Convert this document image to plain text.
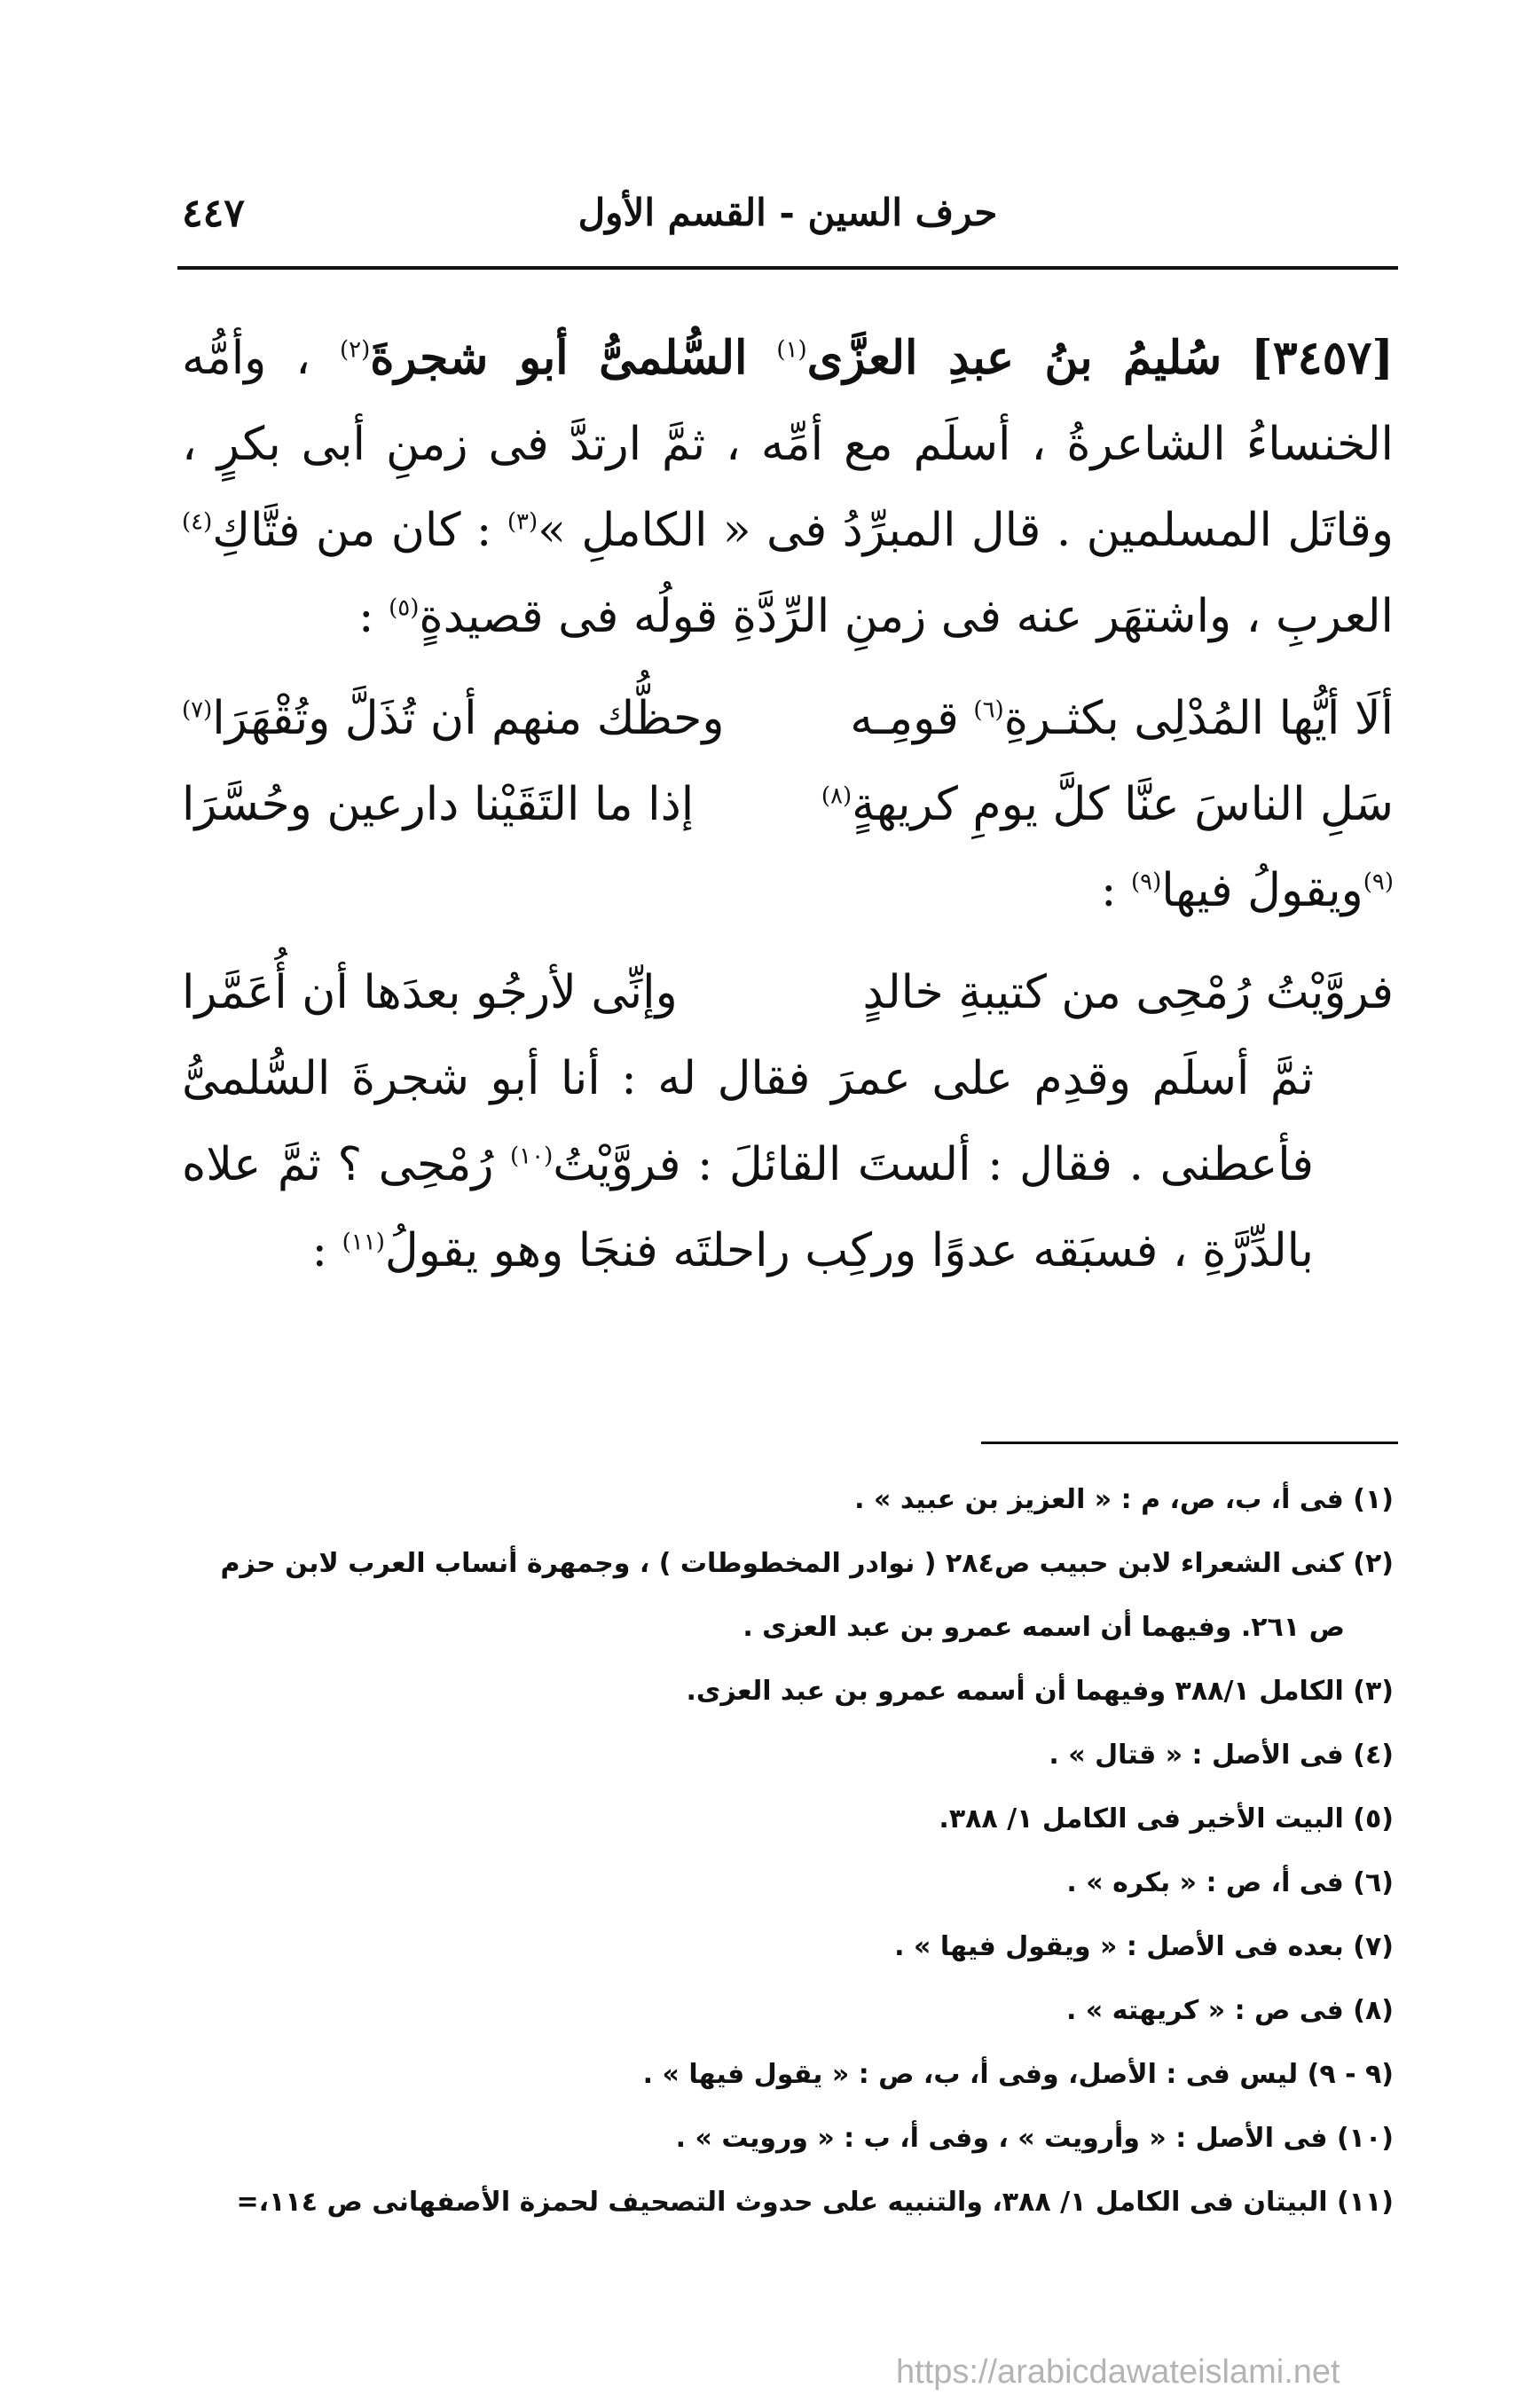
٤٤٧	حرف السين - القسم الأول

[٣٤٥٧] سُليمُ بنُ عبدِ العزَّى$^{(١)}$ السُّلمىُّ أبو شجرةَ$^{(٢)}$ ، وأمُّه الخنساءُ الشاعرةُ ، أسلَم مع أمِّه ، ثمَّ ارتدَّ فى زمنِ أبى بكرٍ ، وقاتَل المسلمين . قال المبرِّدُ فى « الكاملِ »$^{(٣)}$ : كان من فتَّاكِ$^{(٤)}$ العربِ ، واشتهَر عنه فى زمنِ الرِّدَّةِ قولُه فى قصيدةٍ$^{(٥)}$ :

ألَا أيُّها المُدْلِى بكثـرةِ$^{(٦)}$ قومِـه
وحظُّك منهم أن تُذَلَّ وتُقْهَرَا$^{(٧)}$
سَلِ الناسَ عنَّا كلَّ يومِ كريهةٍ$^{(٨)}$
إذا ما التَقَيْنا دارعين وحُسَّرَا

$^{(٩)}$ويقولُ فيها$^{(٩)}$ :

فروَّيْتُ رُمْحِى من كتيبةِ خالدٍ
وإنِّى لأرجُو بعدَها أن أُعَمَّرا

ثمَّ أسلَم وقدِم على عمرَ فقال له : أنا أبو شجرةَ السُّلمىُّ فأعطنى . فقال : ألستَ القائلَ : فروَّيْتُ$^{(١٠)}$ رُمْحِى ؟ ثمَّ علاه بالدِّرَّةِ ، فسبَقه عدوًا وركِب راحلتَه فنجَا وهو يقولُ$^{(١١)}$ :

(١) فى أ، ب، ص، م : « العزيز بن عبيد » .

(٢) كنى الشعراء لابن حبيب ص٢٨٤ ( نوادر المخطوطات ) ، وجمهرة أنساب العرب لابن حزم

ص ٢٦١. وفيهما أن اسمه عمرو بن عبد العزى .

(٣) الكامل ٣٨٨/١ وفيهما أن أسمه عمرو بن عبد العزى.

(٤) فى الأصل : « قتال » .

(٥) البيت الأخير فى الكامل ١/ ٣٨٨.

(٦) فى أ، ص : « بكره » .

(٧) بعده فى الأصل : « ويقول فيها » .

(٨) فى ص : « كريهته » .

(٩ - ٩) ليس فى : الأصل، وفى أ، ب، ص : « يقول فيها » .

(١٠) فى الأصل : « وأرويت » ، وفى أ، ب : « ورويت » .

(١١) البيتان فى الكامل ١/ ٣٨٨، والتنبيه على حدوث التصحيف لحمزة الأصفهانى ص ١١٤،=

https://arabicdawateislami.net
